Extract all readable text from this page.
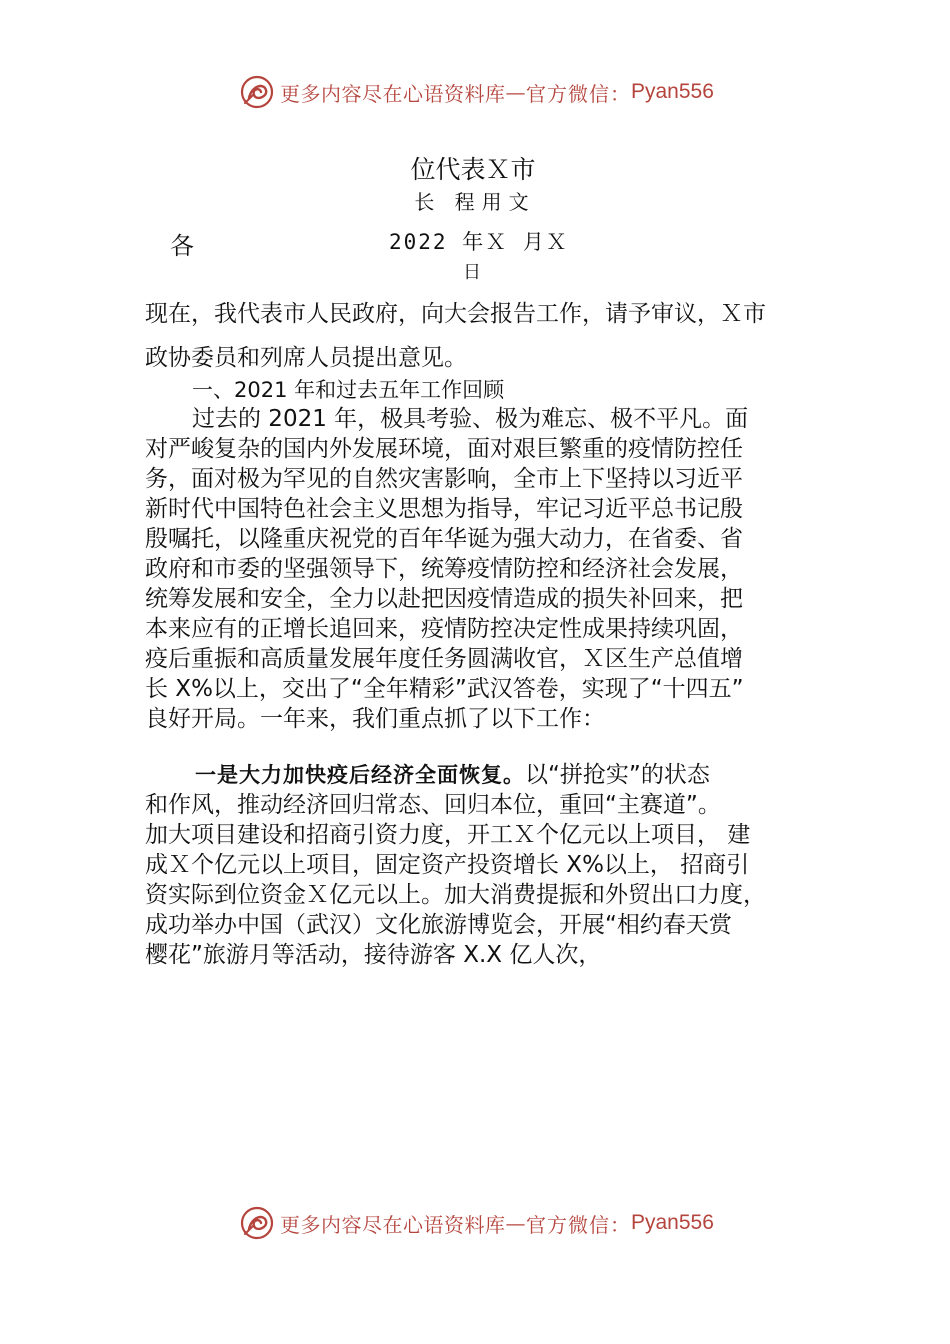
更多内容尽在心语资料库 — 官方微信： Pyan556
位代表Ｘ市
长 程用文
各	2022 年Ｘ 月Ｘ
日
现在，我代表市人民政府，向大会报告工作，请予审议，Ｘ市
政协委员和列席人员提出意见。
一、2021 年和过去五年工作回顾
过去的 2021 年，极具考验、极为难忘、极不平凡。面
对严峻复杂的国内外发展环境，面对艰巨繁重的疫情防控任
务，面对极为罕见的自然灾害影响，全市上下坚持以习近平
新时代中国特色社会主义思想为指导，牢记习近平总书记殷
殷嘱托，以隆重庆祝党的百年华诞为强大动力，在省委、省
政府和市委的坚强领导下，统筹疫情防控和经济社会发展，
统筹发展和安全，全力以赴把因疫情造成的损失补回来，把
本来应有的正增长追回来，疫情防控决定性成果持续巩固，
疫后重振和高质量发展年度任务圆满收官，Ｘ区生产总值增
长 X%以上，交出了“全年精彩”武汉答卷，实现了“十四五”
良好开局。一年来，我们重点抓了以下工作：
一是大力加快疫后经济全面恢复。以“拼抢实”的状态
和作风，推动经济回归常态、回归本位，重回“主赛道”。
加大项目建设和招商引资力度，开工Ｘ个亿元以上项目， 建
成Ｘ个亿元以上项目，固定资产投资增长 X%以上， 招商引
资实际到位资金Ｘ亿元以上。加大消费提振和外贸出口力度，
成功举办中国（武汉）文化旅游博览会，开展“相约春天赏
樱花”旅游月等活动，接待游客 X.X 亿人次，
更多内容尽在心语资料库 — 官方微信： Pyan556
